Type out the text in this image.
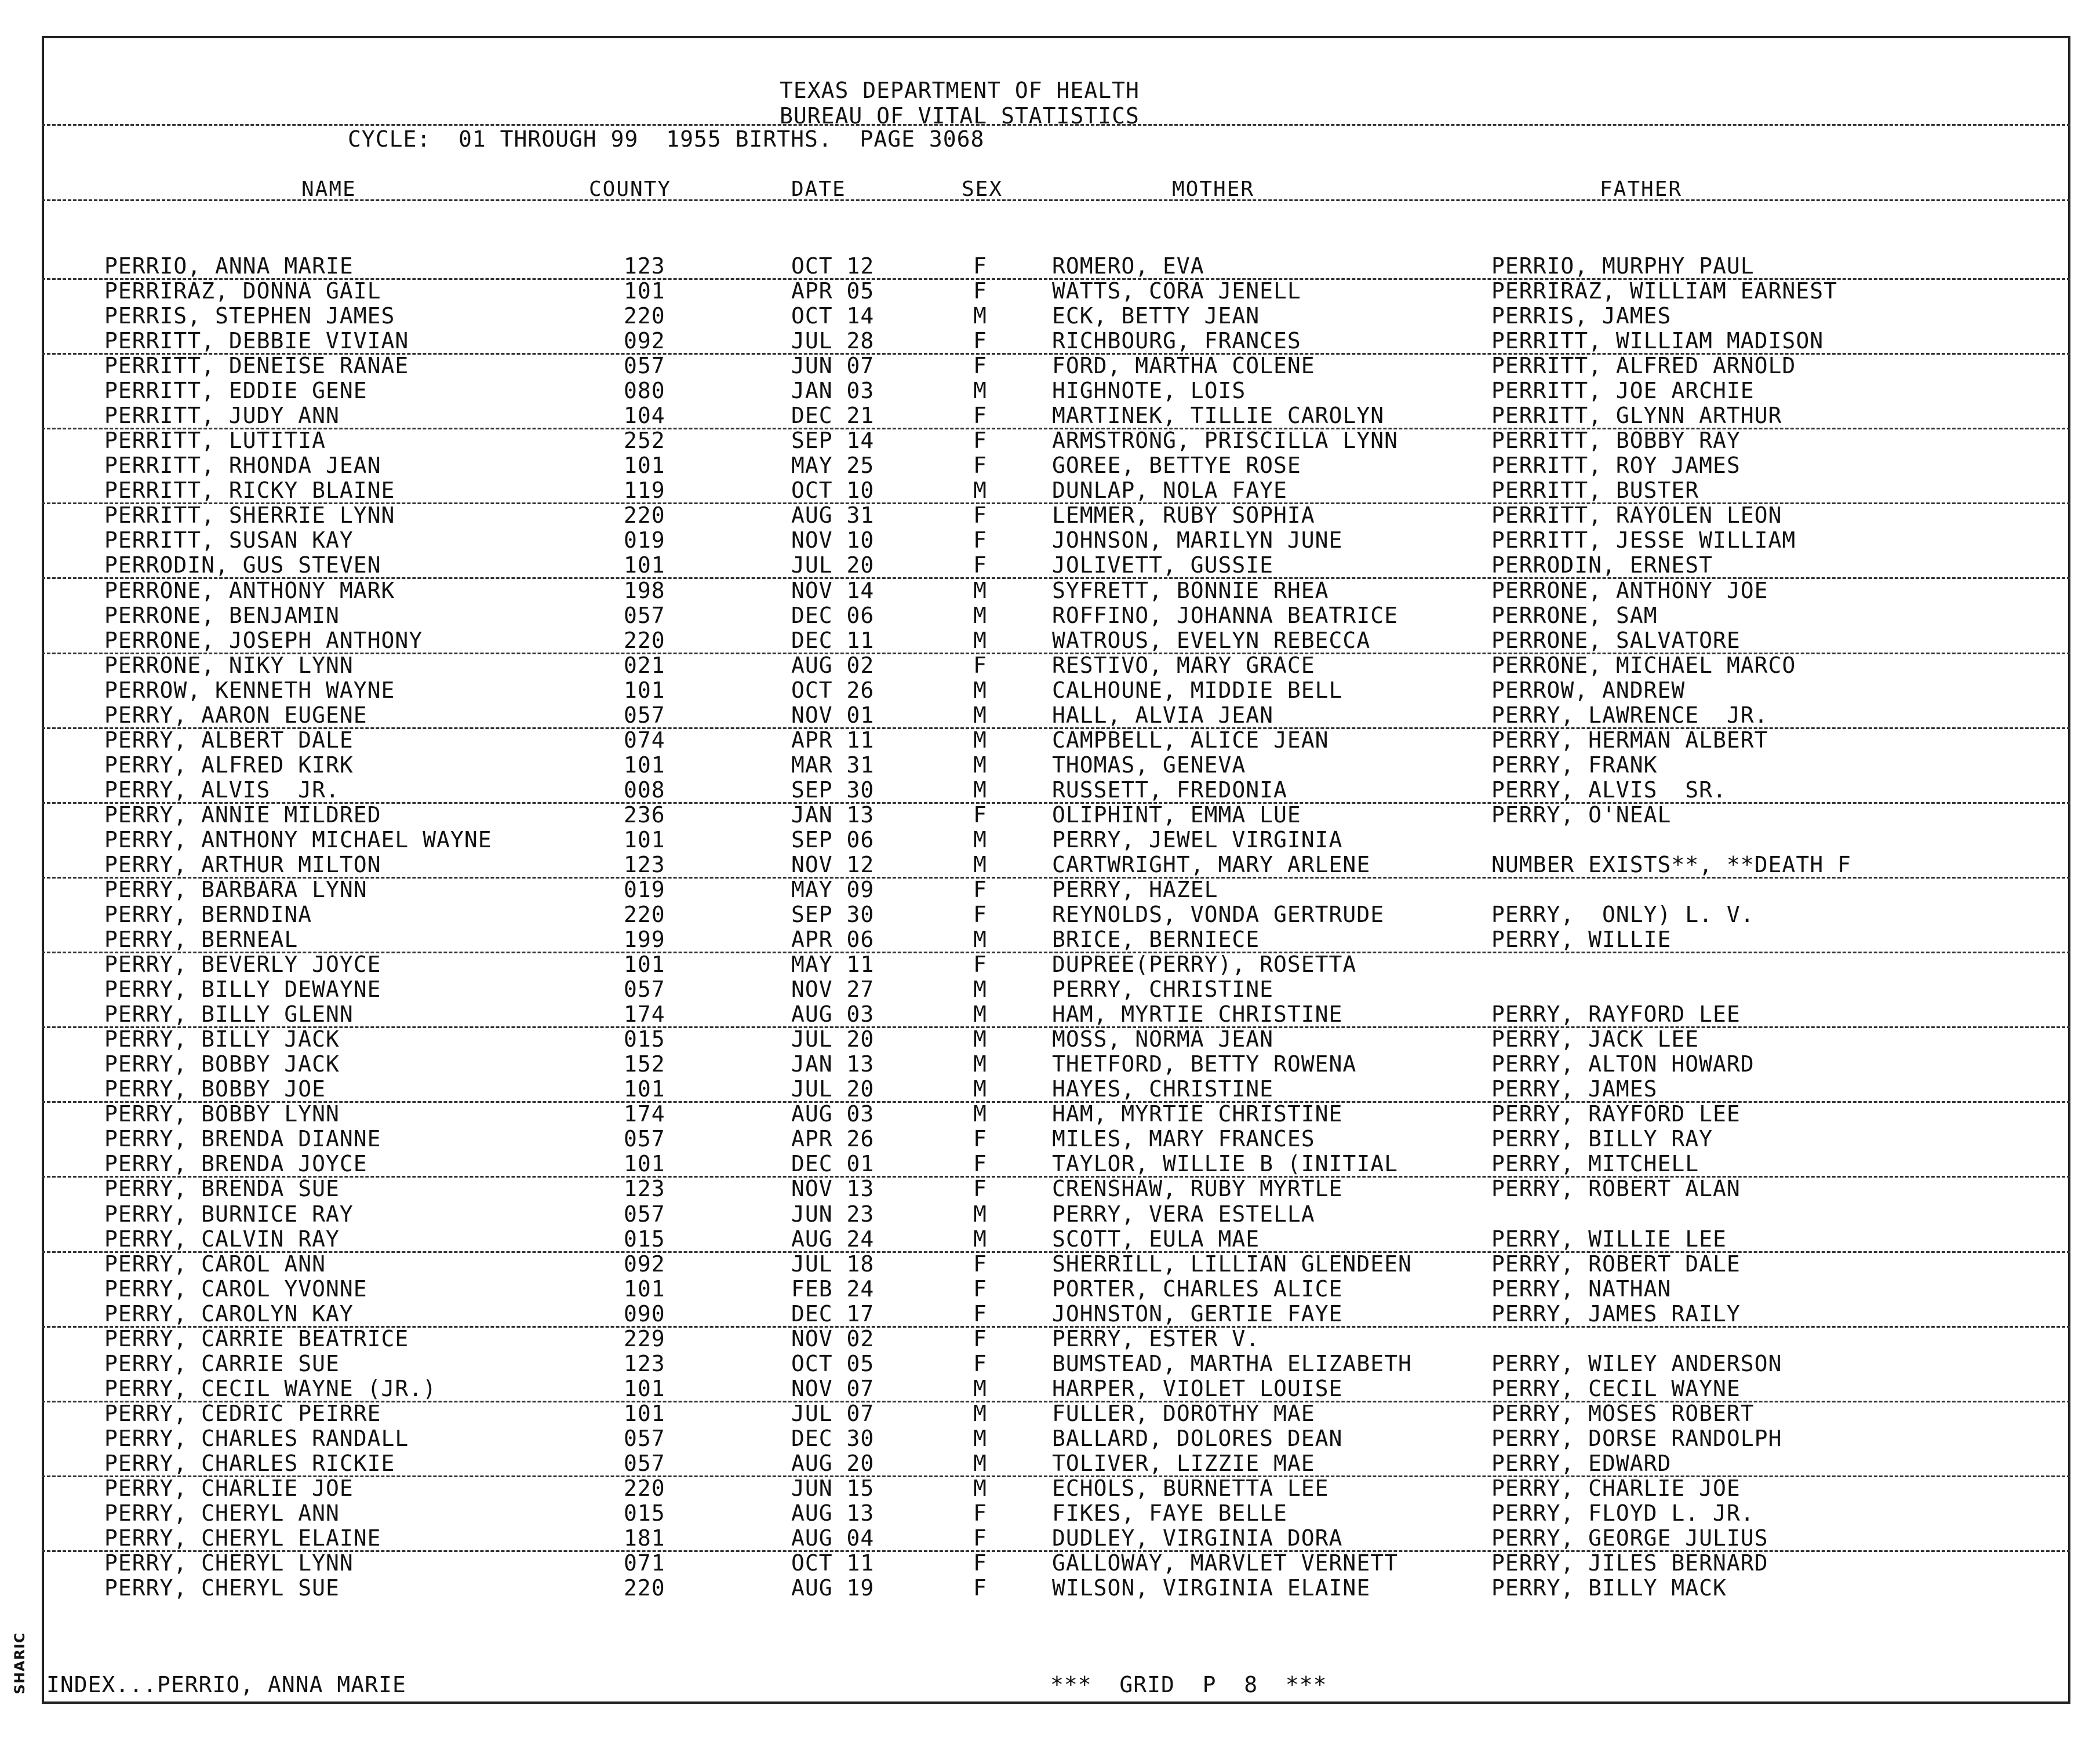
TEXAS DEPARTMENT OF HEALTH
BUREAU OF VITAL STATISTICS
CYCLE:  01 THROUGH 99  1955 BIRTHS.  PAGE 3068
NAME	COUNTY	DATE	SEX	MOTHER	FATHER
PERRIO, ANNA MARIE	123	OCT 12	F	ROMERO, EVA	PERRIO, MURPHY PAUL
PERRIRAZ, DONNA GAIL	101	APR 05	F	WATTS, CORA JENELL	PERRIRAZ, WILLIAM EARNEST
PERRIS, STEPHEN JAMES	220	OCT 14	M	ECK, BETTY JEAN	PERRIS, JAMES
PERRITT, DEBBIE VIVIAN	092	JUL 28	F	RICHBOURG, FRANCES	PERRITT, WILLIAM MADISON
PERRITT, DENEISE RANAE	057	JUN 07	F	FORD, MARTHA COLENE	PERRITT, ALFRED ARNOLD
PERRITT, EDDIE GENE	080	JAN 03	M	HIGHNOTE, LOIS	PERRITT, JOE ARCHIE
PERRITT, JUDY ANN	104	DEC 21	F	MARTINEK, TILLIE CAROLYN	PERRITT, GLYNN ARTHUR
PERRITT, LUTITIA	252	SEP 14	F	ARMSTRONG, PRISCILLA LYNN	PERRITT, BOBBY RAY
PERRITT, RHONDA JEAN	101	MAY 25	F	GOREE, BETTYE ROSE	PERRITT, ROY JAMES
PERRITT, RICKY BLAINE	119	OCT 10	M	DUNLAP, NOLA FAYE	PERRITT, BUSTER
PERRITT, SHERRIE LYNN	220	AUG 31	F	LEMMER, RUBY SOPHIA	PERRITT, RAYOLEN LEON
PERRITT, SUSAN KAY	019	NOV 10	F	JOHNSON, MARILYN JUNE	PERRITT, JESSE WILLIAM
PERRODIN, GUS STEVEN	101	JUL 20	F	JOLIVETT, GUSSIE	PERRODIN, ERNEST
PERRONE, ANTHONY MARK	198	NOV 14	M	SYFRETT, BONNIE RHEA	PERRONE, ANTHONY JOE
PERRONE, BENJAMIN	057	DEC 06	M	ROFFINO, JOHANNA BEATRICE	PERRONE, SAM
PERRONE, JOSEPH ANTHONY	220	DEC 11	M	WATROUS, EVELYN REBECCA	PERRONE, SALVATORE
PERRONE, NIKY LYNN	021	AUG 02	F	RESTIVO, MARY GRACE	PERRONE, MICHAEL MARCO
PERROW, KENNETH WAYNE	101	OCT 26	M	CALHOUNE, MIDDIE BELL	PERROW, ANDREW
PERRY, AARON EUGENE	057	NOV 01	M	HALL, ALVIA JEAN	PERRY, LAWRENCE  JR.
PERRY, ALBERT DALE	074	APR 11	M	CAMPBELL, ALICE JEAN	PERRY, HERMAN ALBERT
PERRY, ALFRED KIRK	101	MAR 31	M	THOMAS, GENEVA	PERRY, FRANK
PERRY, ALVIS  JR.	008	SEP 30	M	RUSSETT, FREDONIA	PERRY, ALVIS  SR.
PERRY, ANNIE MILDRED	236	JAN 13	F	OLIPHINT, EMMA LUE	PERRY, O'NEAL
PERRY, ANTHONY MICHAEL WAYNE	101	SEP 06	M	PERRY, JEWEL VIRGINIA
PERRY, ARTHUR MILTON	123	NOV 12	M	CARTWRIGHT, MARY ARLENE	NUMBER EXISTS**, **DEATH F
PERRY, BARBARA LYNN	019	MAY 09	F	PERRY, HAZEL
PERRY, BERNDINA	220	SEP 30	F	REYNOLDS, VONDA GERTRUDE	PERRY,  ONLY) L. V.
PERRY, BERNEAL	199	APR 06	M	BRICE, BERNIECE	PERRY, WILLIE
PERRY, BEVERLY JOYCE	101	MAY 11	F	DUPREE(PERRY), ROSETTA
PERRY, BILLY DEWAYNE	057	NOV 27	M	PERRY, CHRISTINE
PERRY, BILLY GLENN	174	AUG 03	M	HAM, MYRTIE CHRISTINE	PERRY, RAYFORD LEE
PERRY, BILLY JACK	015	JUL 20	M	MOSS, NORMA JEAN	PERRY, JACK LEE
PERRY, BOBBY JACK	152	JAN 13	M	THETFORD, BETTY ROWENA	PERRY, ALTON HOWARD
PERRY, BOBBY JOE	101	JUL 20	M	HAYES, CHRISTINE	PERRY, JAMES
PERRY, BOBBY LYNN	174	AUG 03	M	HAM, MYRTIE CHRISTINE	PERRY, RAYFORD LEE
PERRY, BRENDA DIANNE	057	APR 26	F	MILES, MARY FRANCES	PERRY, BILLY RAY
PERRY, BRENDA JOYCE	101	DEC 01	F	TAYLOR, WILLIE B (INITIAL	PERRY, MITCHELL
PERRY, BRENDA SUE	123	NOV 13	F	CRENSHAW, RUBY MYRTLE	PERRY, ROBERT ALAN
PERRY, BURNICE RAY	057	JUN 23	M	PERRY, VERA ESTELLA
PERRY, CALVIN RAY	015	AUG 24	M	SCOTT, EULA MAE	PERRY, WILLIE LEE
PERRY, CAROL ANN	092	JUL 18	F	SHERRILL, LILLIAN GLENDEEN	PERRY, ROBERT DALE
PERRY, CAROL YVONNE	101	FEB 24	F	PORTER, CHARLES ALICE	PERRY, NATHAN
PERRY, CAROLYN KAY	090	DEC 17	F	JOHNSTON, GERTIE FAYE	PERRY, JAMES RAILY
PERRY, CARRIE BEATRICE	229	NOV 02	F	PERRY, ESTER V.
PERRY, CARRIE SUE	123	OCT 05	F	BUMSTEAD, MARTHA ELIZABETH	PERRY, WILEY ANDERSON
PERRY, CECIL WAYNE (JR.)	101	NOV 07	M	HARPER, VIOLET LOUISE	PERRY, CECIL WAYNE
PERRY, CEDRIC PEIRRE	101	JUL 07	M	FULLER, DOROTHY MAE	PERRY, MOSES ROBERT
PERRY, CHARLES RANDALL	057	DEC 30	M	BALLARD, DOLORES DEAN	PERRY, DORSE RANDOLPH
PERRY, CHARLES RICKIE	057	AUG 20	M	TOLIVER, LIZZIE MAE	PERRY, EDWARD
PERRY, CHARLIE JOE	220	JUN 15	M	ECHOLS, BURNETTA LEE	PERRY, CHARLIE JOE
PERRY, CHERYL ANN	015	AUG 13	F	FIKES, FAYE BELLE	PERRY, FLOYD L. JR.
PERRY, CHERYL ELAINE	181	AUG 04	F	DUDLEY, VIRGINIA DORA	PERRY, GEORGE JULIUS
PERRY, CHERYL LYNN	071	OCT 11	F	GALLOWAY, MARVLET VERNETT	PERRY, JILES BERNARD
PERRY, CHERYL SUE	220	AUG 19	F	WILSON, VIRGINIA ELAINE	PERRY, BILLY MACK
INDEX...PERRIO, ANNA MARIE	***  GRID  P  8  ***
SHARIC
